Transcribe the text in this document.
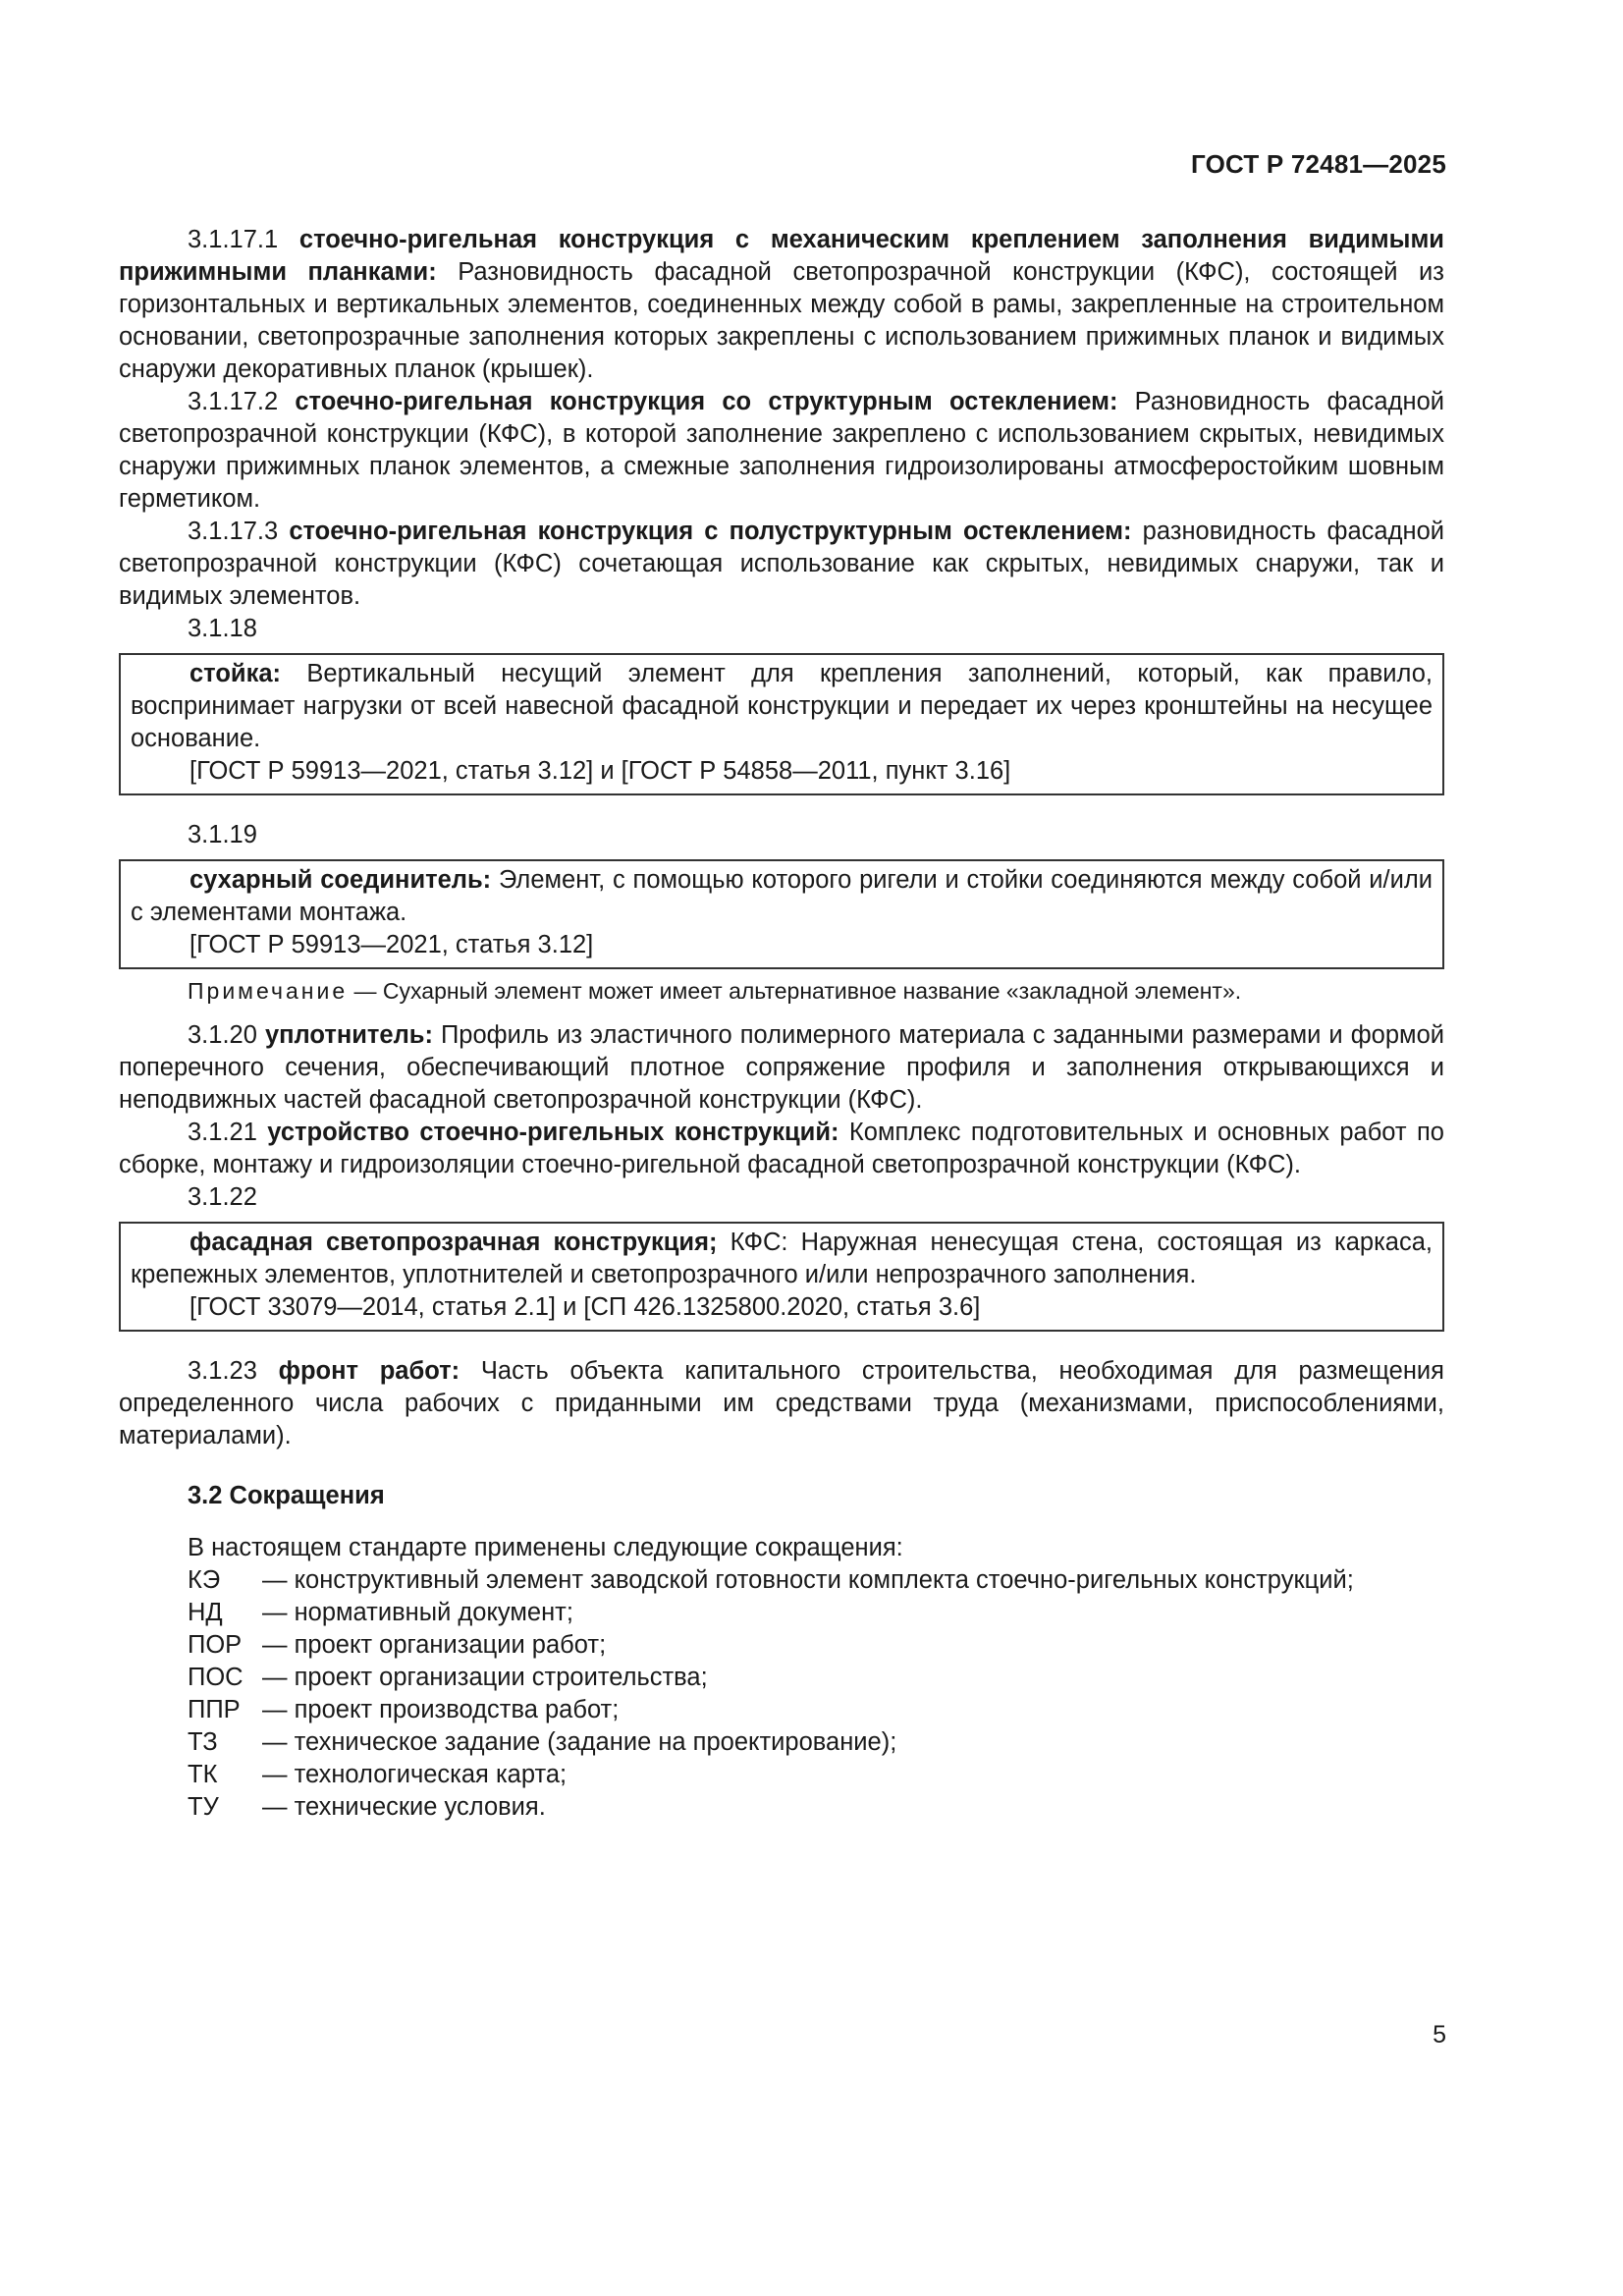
ГОСТ Р 72481—2025

3.1.17.1 стоечно-ригельная конструкция с механическим креплением заполнения видимыми прижимными планками: Разновидность фасадной светопрозрачной конструкции (КФС), состоящей из горизонтальных и вертикальных элементов, соединенных между собой в рамы, закрепленные на строительном основании, светопрозрачные заполнения которых закреплены с использованием прижимных планок и видимых снаружи декоративных планок (крышек).

3.1.17.2 стоечно-ригельная конструкция со структурным остеклением: Разновидность фасадной светопрозрачной конструкции (КФС), в которой заполнение закреплено с использованием скрытых, невидимых снаружи прижимных планок элементов, а смежные заполнения гидроизолированы атмосферостойким шовным герметиком.

3.1.17.3 стоечно-ригельная конструкция с полуструктурным остеклением: разновидность фасадной светопрозрачной конструкции (КФС) сочетающая использование как скрытых, невидимых снаружи, так и видимых элементов.

3.1.18

стойка: Вертикальный несущий элемент для крепления заполнений, который, как правило, воспринимает нагрузки от всей навесной фасадной конструкции и передает их через кронштейны на несущее основание.

[ГОСТ Р 59913—2021, статья 3.12] и [ГОСТ Р 54858—2011, пункт 3.16]

3.1.19

сухарный соединитель: Элемент, с помощью которого ригели и стойки соединяются между собой и/или с элементами монтажа.

[ГОСТ Р 59913—2021, статья 3.12]

Примечание — Сухарный элемент может имеет альтернативное название «закладной элемент».

3.1.20 уплотнитель: Профиль из эластичного полимерного материала с заданными размерами и формой поперечного сечения, обеспечивающий плотное сопряжение профиля и заполнения открывающихся и неподвижных частей фасадной светопрозрачной конструкции (КФС).

3.1.21 устройство стоечно-ригельных конструкций: Комплекс подготовительных и основных работ по сборке, монтажу и гидроизоляции стоечно-ригельной фасадной светопрозрачной конструкции (КФС).

3.1.22

фасадная светопрозрачная конструкция; КФС: Наружная ненесущая стена, состоящая из каркаса, крепежных элементов, уплотнителей и светопрозрачного и/или непрозрачного заполнения.

[ГОСТ 33079—2014, статья 2.1] и [СП 426.1325800.2020, статья 3.6]

3.1.23 фронт работ: Часть объекта капитального строительства, необходимая для размещения определенного числа рабочих с приданными им средствами труда (механизмами, приспособлениями, материалами).

3.2 Сокращения

В настоящем стандарте применены следующие сокращения:

КЭ	— конструктивный элемент заводской готовности комплекта стоечно-ригельных конструкций;
НД	— нормативный документ;
ПОР — проект организации работ;
ПОС — проект организации строительства;
ППР — проект производства работ;
ТЗ	— техническое задание (задание на проектирование);
ТК	— технологическая карта;
ТУ	— технические условия.
5
